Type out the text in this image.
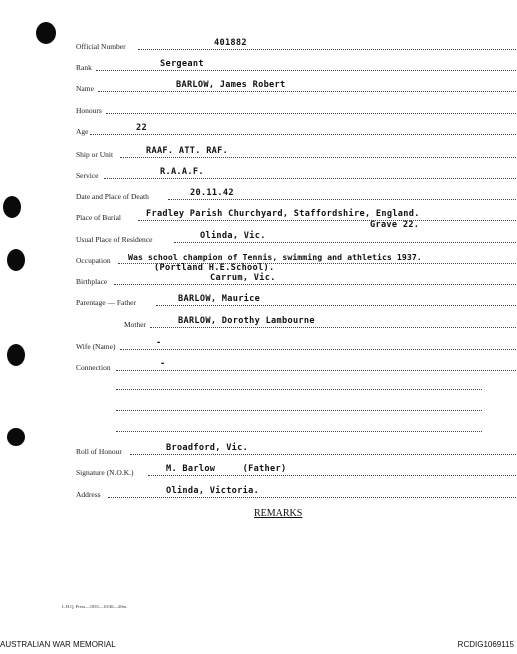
Official Number	401882
Rank	Sergeant
Name	BARLOW, James Robert
Honours
Age	22
Ship or Unit	RAAF. ATT. RAF.
Service	R.A.A.F.
Date and Place of Death	20.11.42
Place of Burial	Fradley Parish Churchyard, Staffordshire, England.
Grave 22.
Usual Place of Residence	Olinda, Vic.
Occupation Was school champion of Tennis, swimming and athletics 1937.
(Portland H.E.School).
Birthplace	Carrum, Vic.
Parentage — Father	BARLOW, Maurice
Mother	BARLOW, Dorothy Lambourne
Wife (Name)	-
Connection	-
Roll of Honour	Broadford, Vic.
Signature (N.O.K.)	M. Barlow     (Father)
Address	Olinda, Victoria.
REMARKS
L.H.Q. Press—1835—10/46—20m.
AUSTRALIAN WAR MEMORIAL	RCDIG1069115
